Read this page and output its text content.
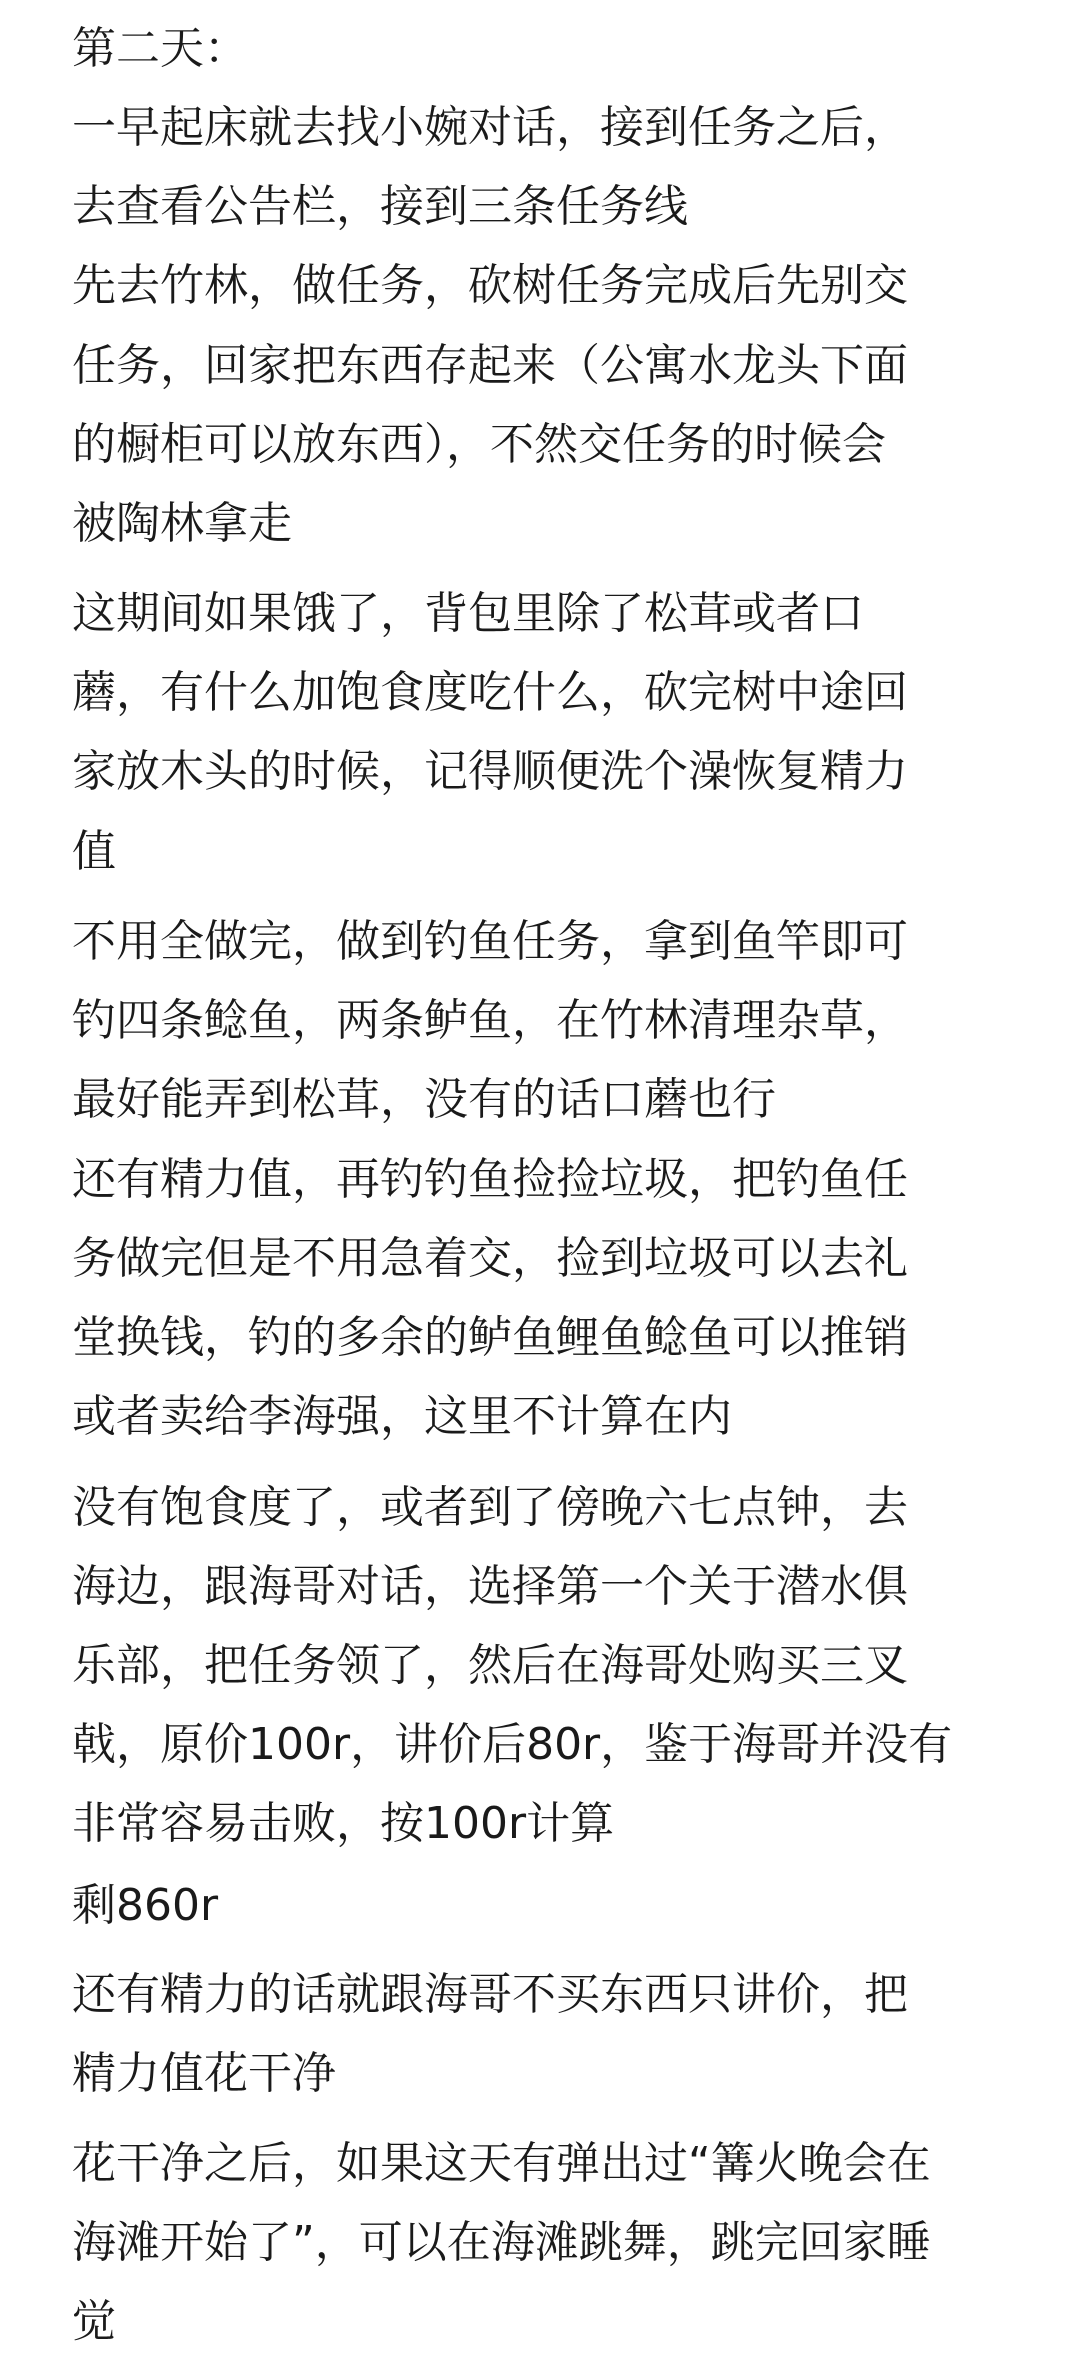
第二天：

一早起床就去找小婉对话，接到任务之后，

去查看公告栏，接到三条任务线

先去竹林，做任务，砍树任务完成后先别交

任务，回家把东西存起来（公寓水龙头下面

的橱柜可以放东西），不然交任务的时候会

被陶林拿走

这期间如果饿了，背包里除了松茸或者口

蘑，有什么加饱食度吃什么，砍完树中途回

家放木头的时候，记得顺便洗个澡恢复精力

值

不用全做完，做到钓鱼任务，拿到鱼竿即可

钓四条鲶鱼，两条鲈鱼，在竹林清理杂草，

最好能弄到松茸，没有的话口蘑也行

还有精力值，再钓钓鱼捡捡垃圾，把钓鱼任

务做完但是不用急着交，捡到垃圾可以去礼

堂换钱，钓的多余的鲈鱼鲤鱼鲶鱼可以推销

或者卖给李海强，这里不计算在内

没有饱食度了，或者到了傍晚六七点钟，去

海边，跟海哥对话，选择第一个关于潜水俱

乐部，把任务领了，然后在海哥处购买三叉

戟，原价100r，讲价后80r，鉴于海哥并没有

非常容易击败，按100r计算

剩860r

还有精力的话就跟海哥不买东西只讲价，把

精力值花干净

花干净之后，如果这天有弹出过“篝火晚会在

海滩开始了”，可以在海滩跳舞，跳完回家睡

觉
